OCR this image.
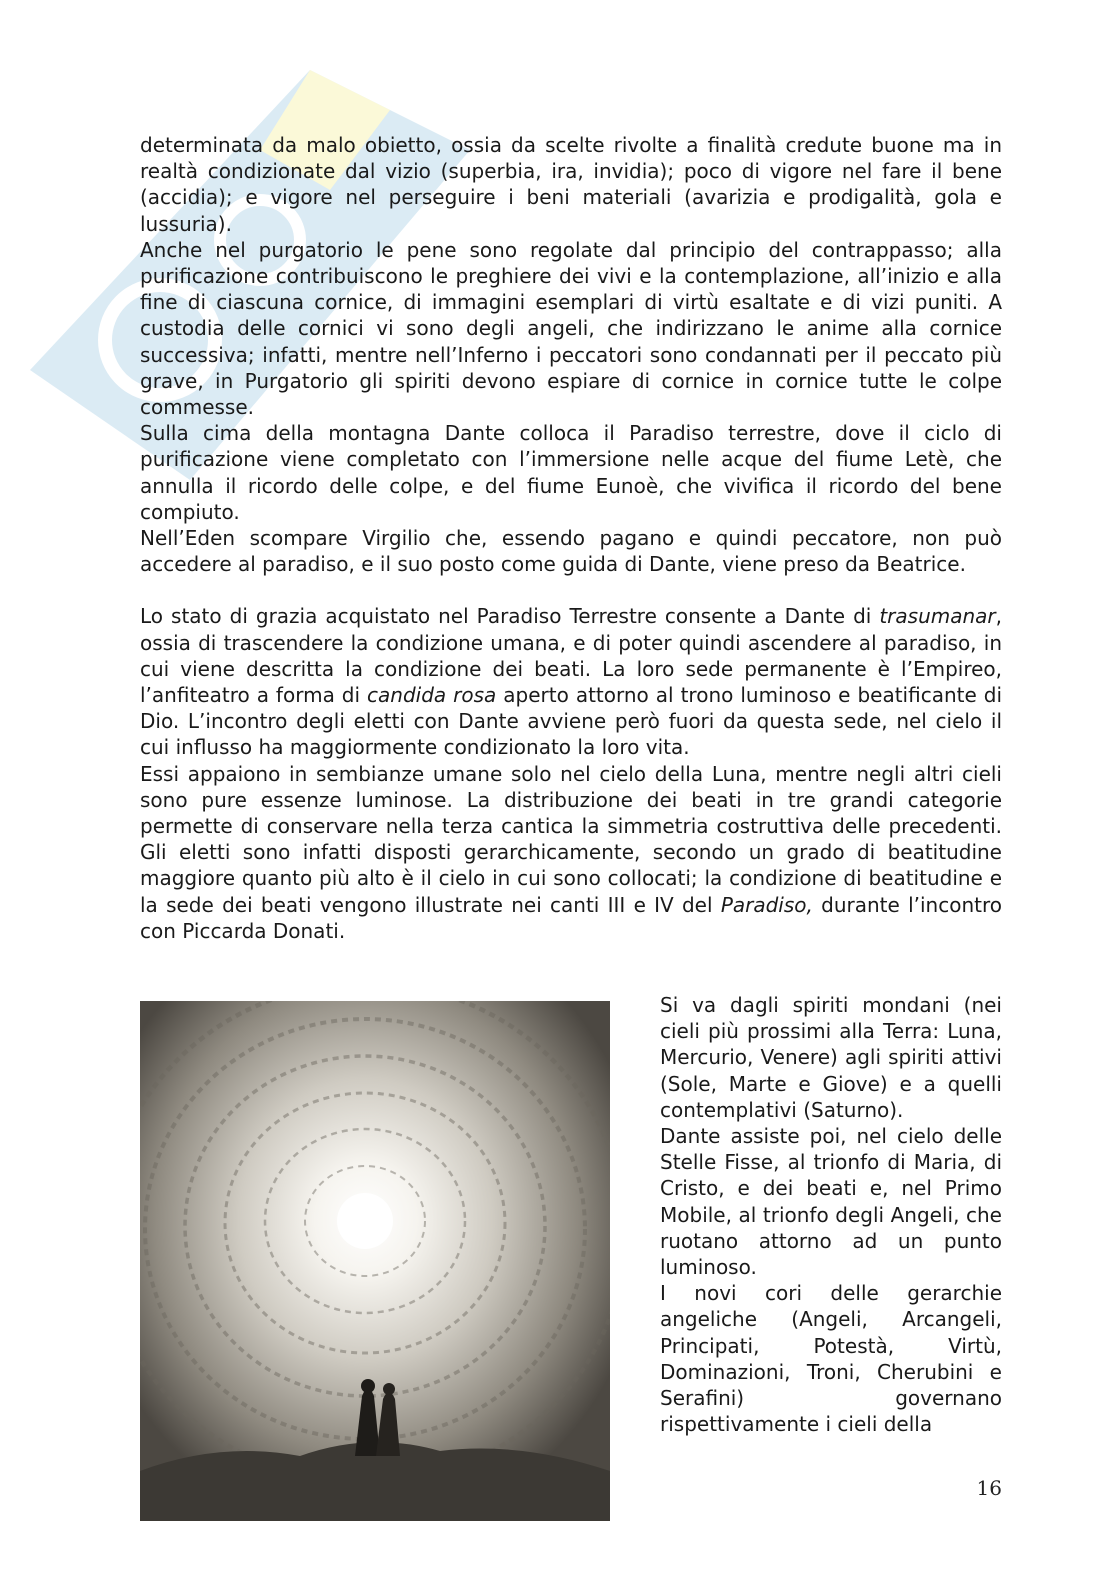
determinata da malo obietto, ossia da scelte rivolte a finalità credute buone ma in realtà condizionate dal vizio (superbia, ira, invidia); poco di vigore nel fare il bene (accidia); e vigore nel perseguire i beni materiali (avarizia e prodigalità, gola e lussuria).

Anche nel purgatorio le pene sono regolate dal principio del contrappasso; alla purificazione contribuiscono le preghiere dei vivi e la contemplazione, all’inizio e alla fine di ciascuna cornice, di immagini esemplari di virtù esaltate e di vizi puniti. A custodia delle cornici vi sono degli angeli, che indirizzano le anime alla cornice successiva; infatti, mentre nell’Inferno i peccatori sono condannati per il peccato più grave, in Purgatorio gli spiriti devono espiare di cornice in cornice tutte le colpe commesse.

Sulla cima della montagna Dante colloca il Paradiso terrestre, dove il ciclo di purificazione viene completato con l’immersione nelle acque del fiume Letè, che annulla il ricordo delle colpe, e del fiume Eunoè, che vivifica il ricordo del bene compiuto.

Nell’Eden scompare Virgilio che, essendo pagano e quindi peccatore, non può accedere al paradiso, e il suo posto come guida di Dante, viene preso da Beatrice.

Lo stato di grazia acquistato nel Paradiso Terrestre consente a Dante di trasumanar, ossia di trascendere la condizione umana, e di poter quindi ascendere al paradiso, in cui viene descritta la condizione dei beati. La loro sede permanente è l’Empireo, l’anfiteatro a forma di candida rosa aperto attorno al trono luminoso e beatificante di Dio. L’incontro degli eletti con Dante avviene però fuori da questa sede, nel cielo il cui influsso ha maggiormente condizionato la loro vita.

Essi appaiono in sembianze umane solo nel cielo della Luna, mentre negli altri cieli sono pure essenze luminose. La distribuzione dei beati in tre grandi categorie permette di conservare nella terza cantica la simmetria costruttiva delle precedenti. Gli eletti sono infatti disposti gerarchicamente, secondo un grado di beatitudine maggiore quanto più alto è il cielo in cui sono collocati; la condizione di beatitudine e la sede dei beati vengono illustrate nei canti III e IV del Paradiso, durante l’incontro con Piccarda Donati.

Si va dagli spiriti mondani (nei cieli più prossimi alla Terra: Luna, Mercurio, Venere) agli spiriti attivi (Sole, Marte e Giove) e a quelli contemplativi (Saturno).

Dante assiste poi, nel cielo delle Stelle Fisse, al trionfo di Maria, di Cristo, e dei beati e, nel Primo Mobile, al trionfo degli Angeli, che ruotano attorno ad un punto luminoso.

I novi cori delle gerarchie angeliche (Angeli, Arcangeli, Principati, Potestà, Virtù, Dominazioni, Troni, Cherubini e Serafini) governano rispettivamente i cieli della

16
